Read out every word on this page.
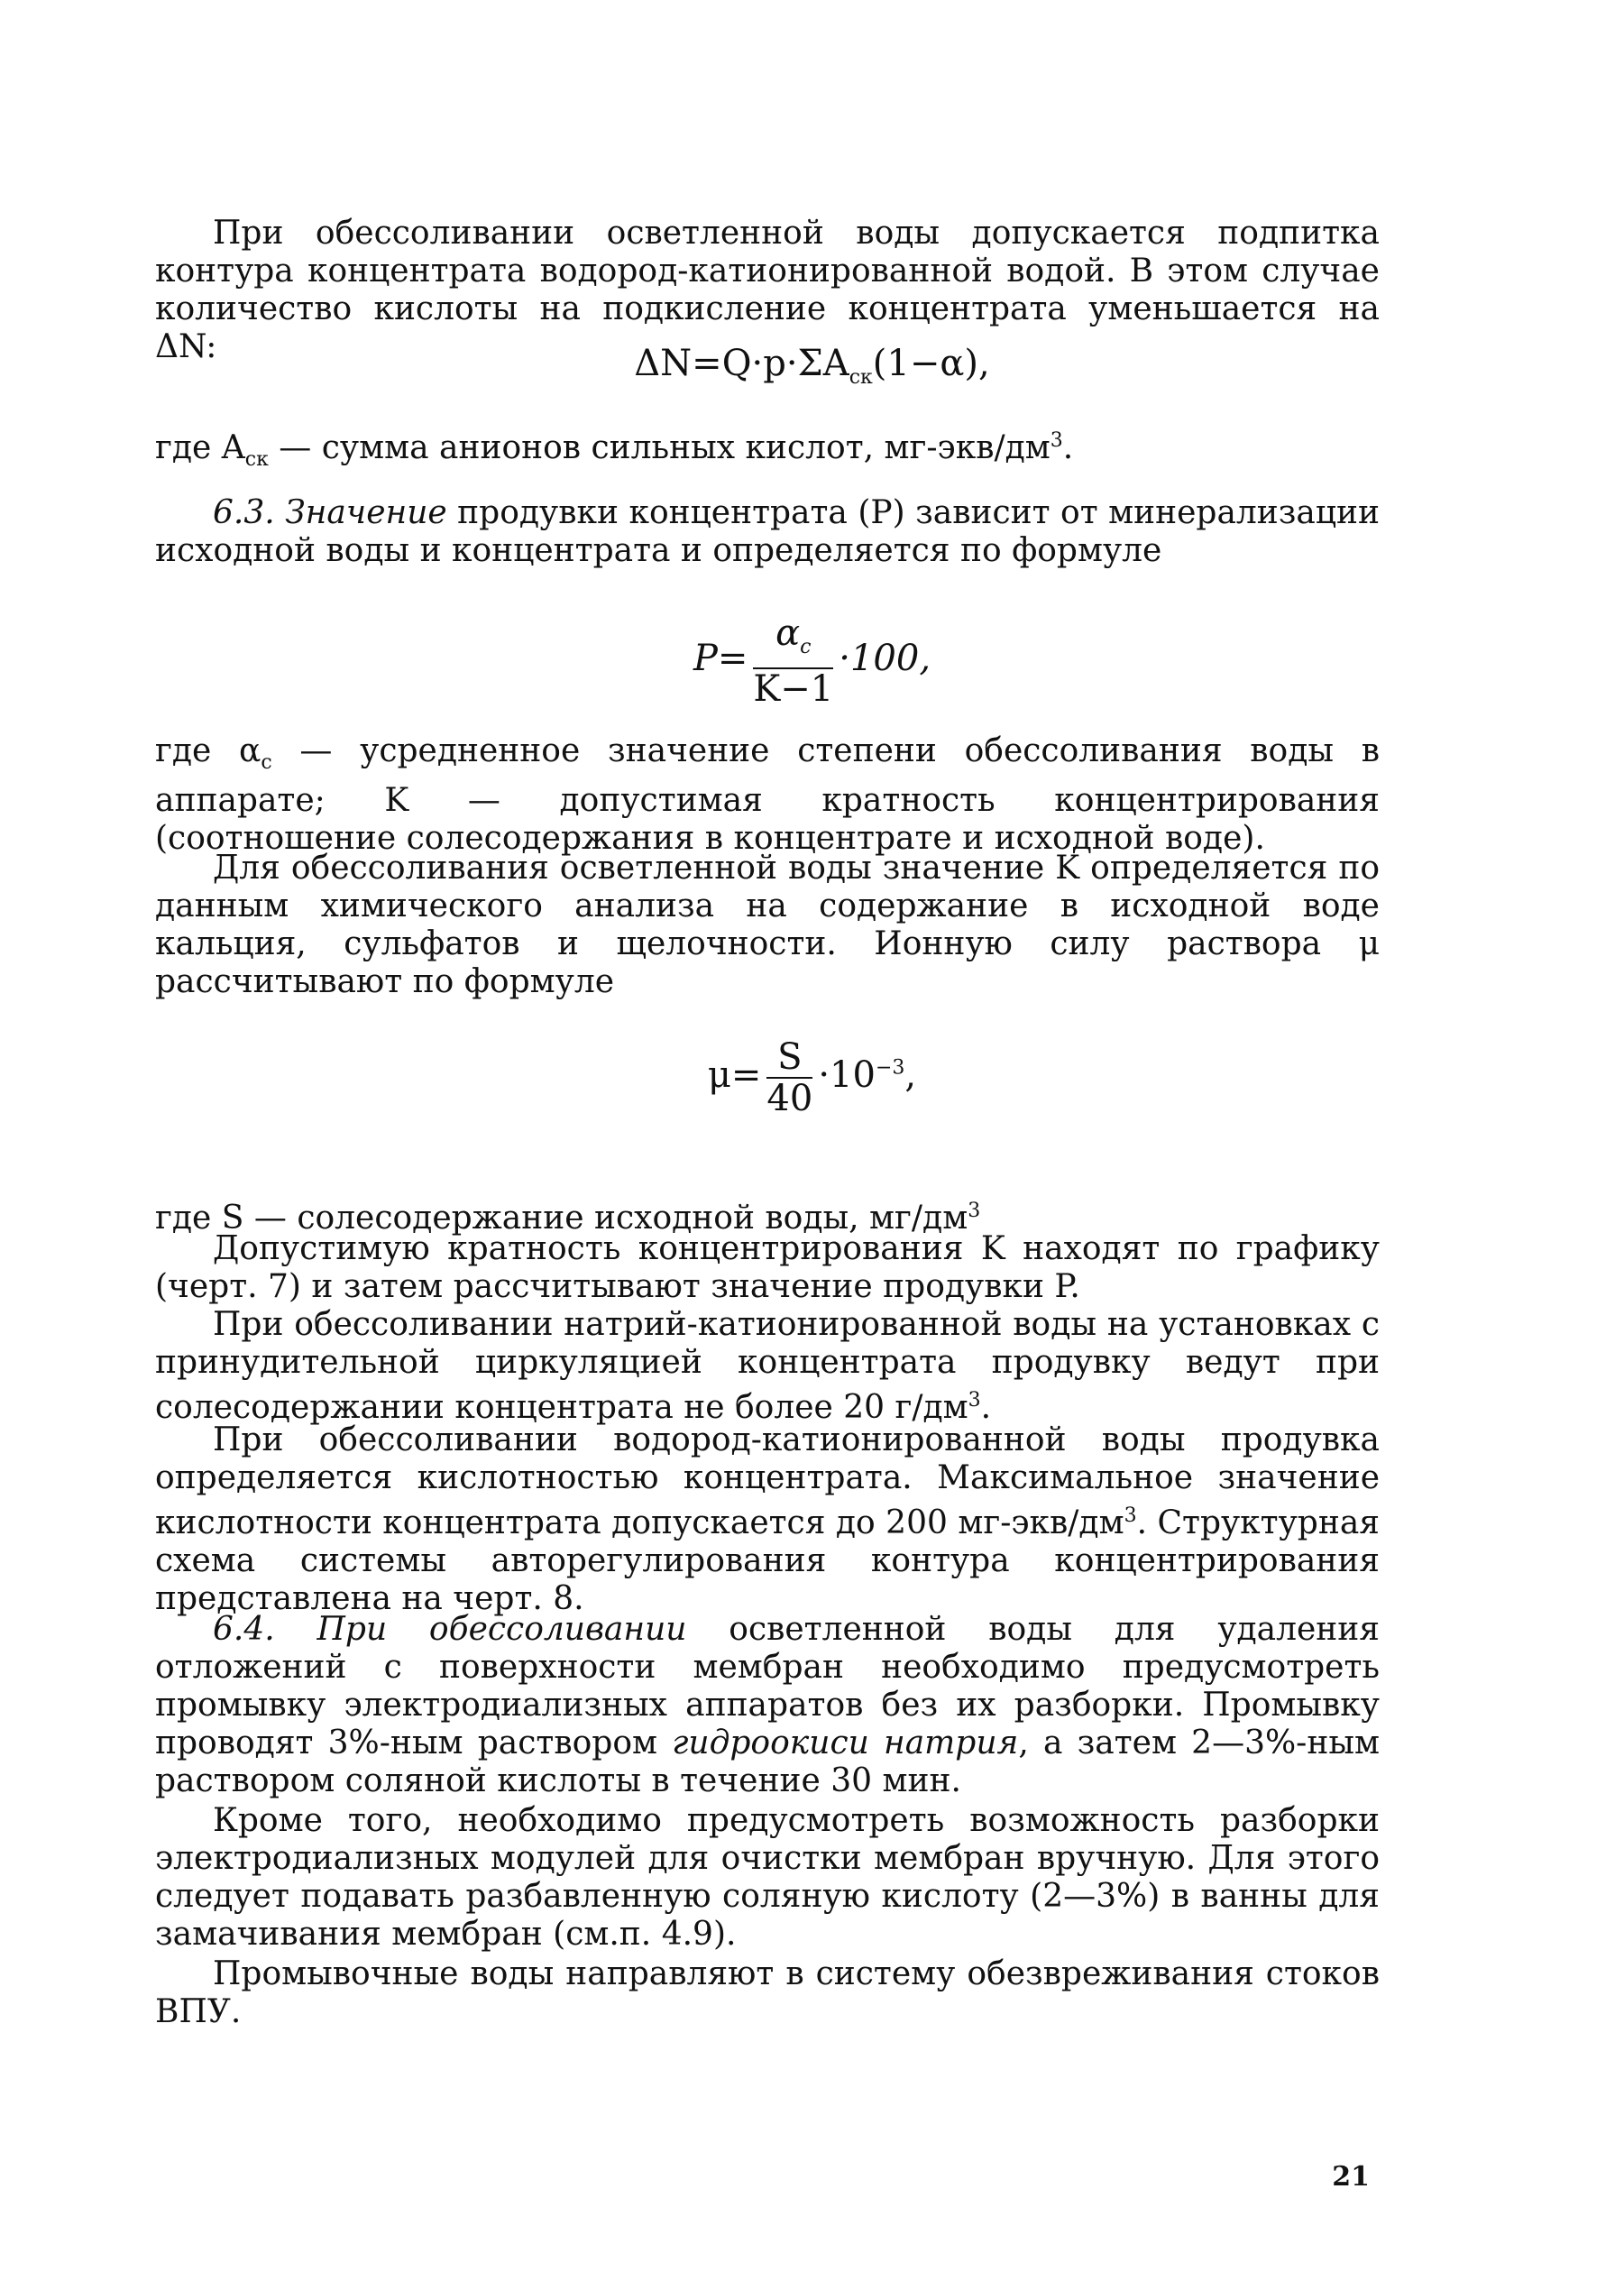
При обессоливании осветленной воды допускается подпитка контура концентрата водород-катионированной водой. В этом случае количество кислоты на подкисление концентрата уменьшается на ΔN:	$\Delta N=Q\cdot p\cdot\Sigma A_{ск}(1-\alpha)$,

где $A_{ск}$ — сумма анионов сильных кислот, $мг-экв/дм^3$.

6.3. Значение продувки концентрата (P) зависит от минерализации исходной воды и концентрата и определяется по формуле

$P= \frac{\alpha_с}{K-1} \cdot 100$,

где $\alpha_с$ — усредненное значение степени обессоливания воды в аппарате; K — допустимая кратность концентрирования (соотношение солесодержания в концентрате и исходной воде).

Для обессоливания осветленной воды значение K определяется по данным химического анализа на содержание в исходной воде кальция, сульфатов и щелочности. Ионную силу раствора μ рассчитывают по формуле

$\mu= \frac{S}{40} \cdot 10^{-3}$,

где S — солесодержание исходной воды, $мг/дм^3$

Допустимую кратность концентрирования K находят по графику (черт. 7) и затем рассчитывают значение продувки P.

При обессоливании натрий-катионированной воды на установках с принудительной циркуляцией концентрата продувку ведут при солесодержании концентрата не более 20 $г/дм^3$.

При обессоливании водород-катионированной воды продувка определяется кислотностью концентрата. Максимальное значение кислотности концентрата допускается до 200 $мг-экв/дм^3$. Структурная схема системы авторегулирования контура концентрирования представлена на черт. 8.

6.4. При обессоливании осветленной воды для удаления отложений с поверхности мембран необходимо предусмотреть промывку электродиализных аппаратов без их разборки. Промывку проводят 3%-ным раствором гидроокиси натрия, а затем 2—3%-ным раствором соляной кислоты в течение 30 мин.

Кроме того, необходимо предусмотреть возможность разборки электродиализных модулей для очистки мембран вручную. Для этого следует подавать разбавленную соляную кислоту (2—3%) в ванны для замачивания мембран (см.п. 4.9).

Промывочные воды направляют в систему обезвреживания стоков ВПУ.

21
